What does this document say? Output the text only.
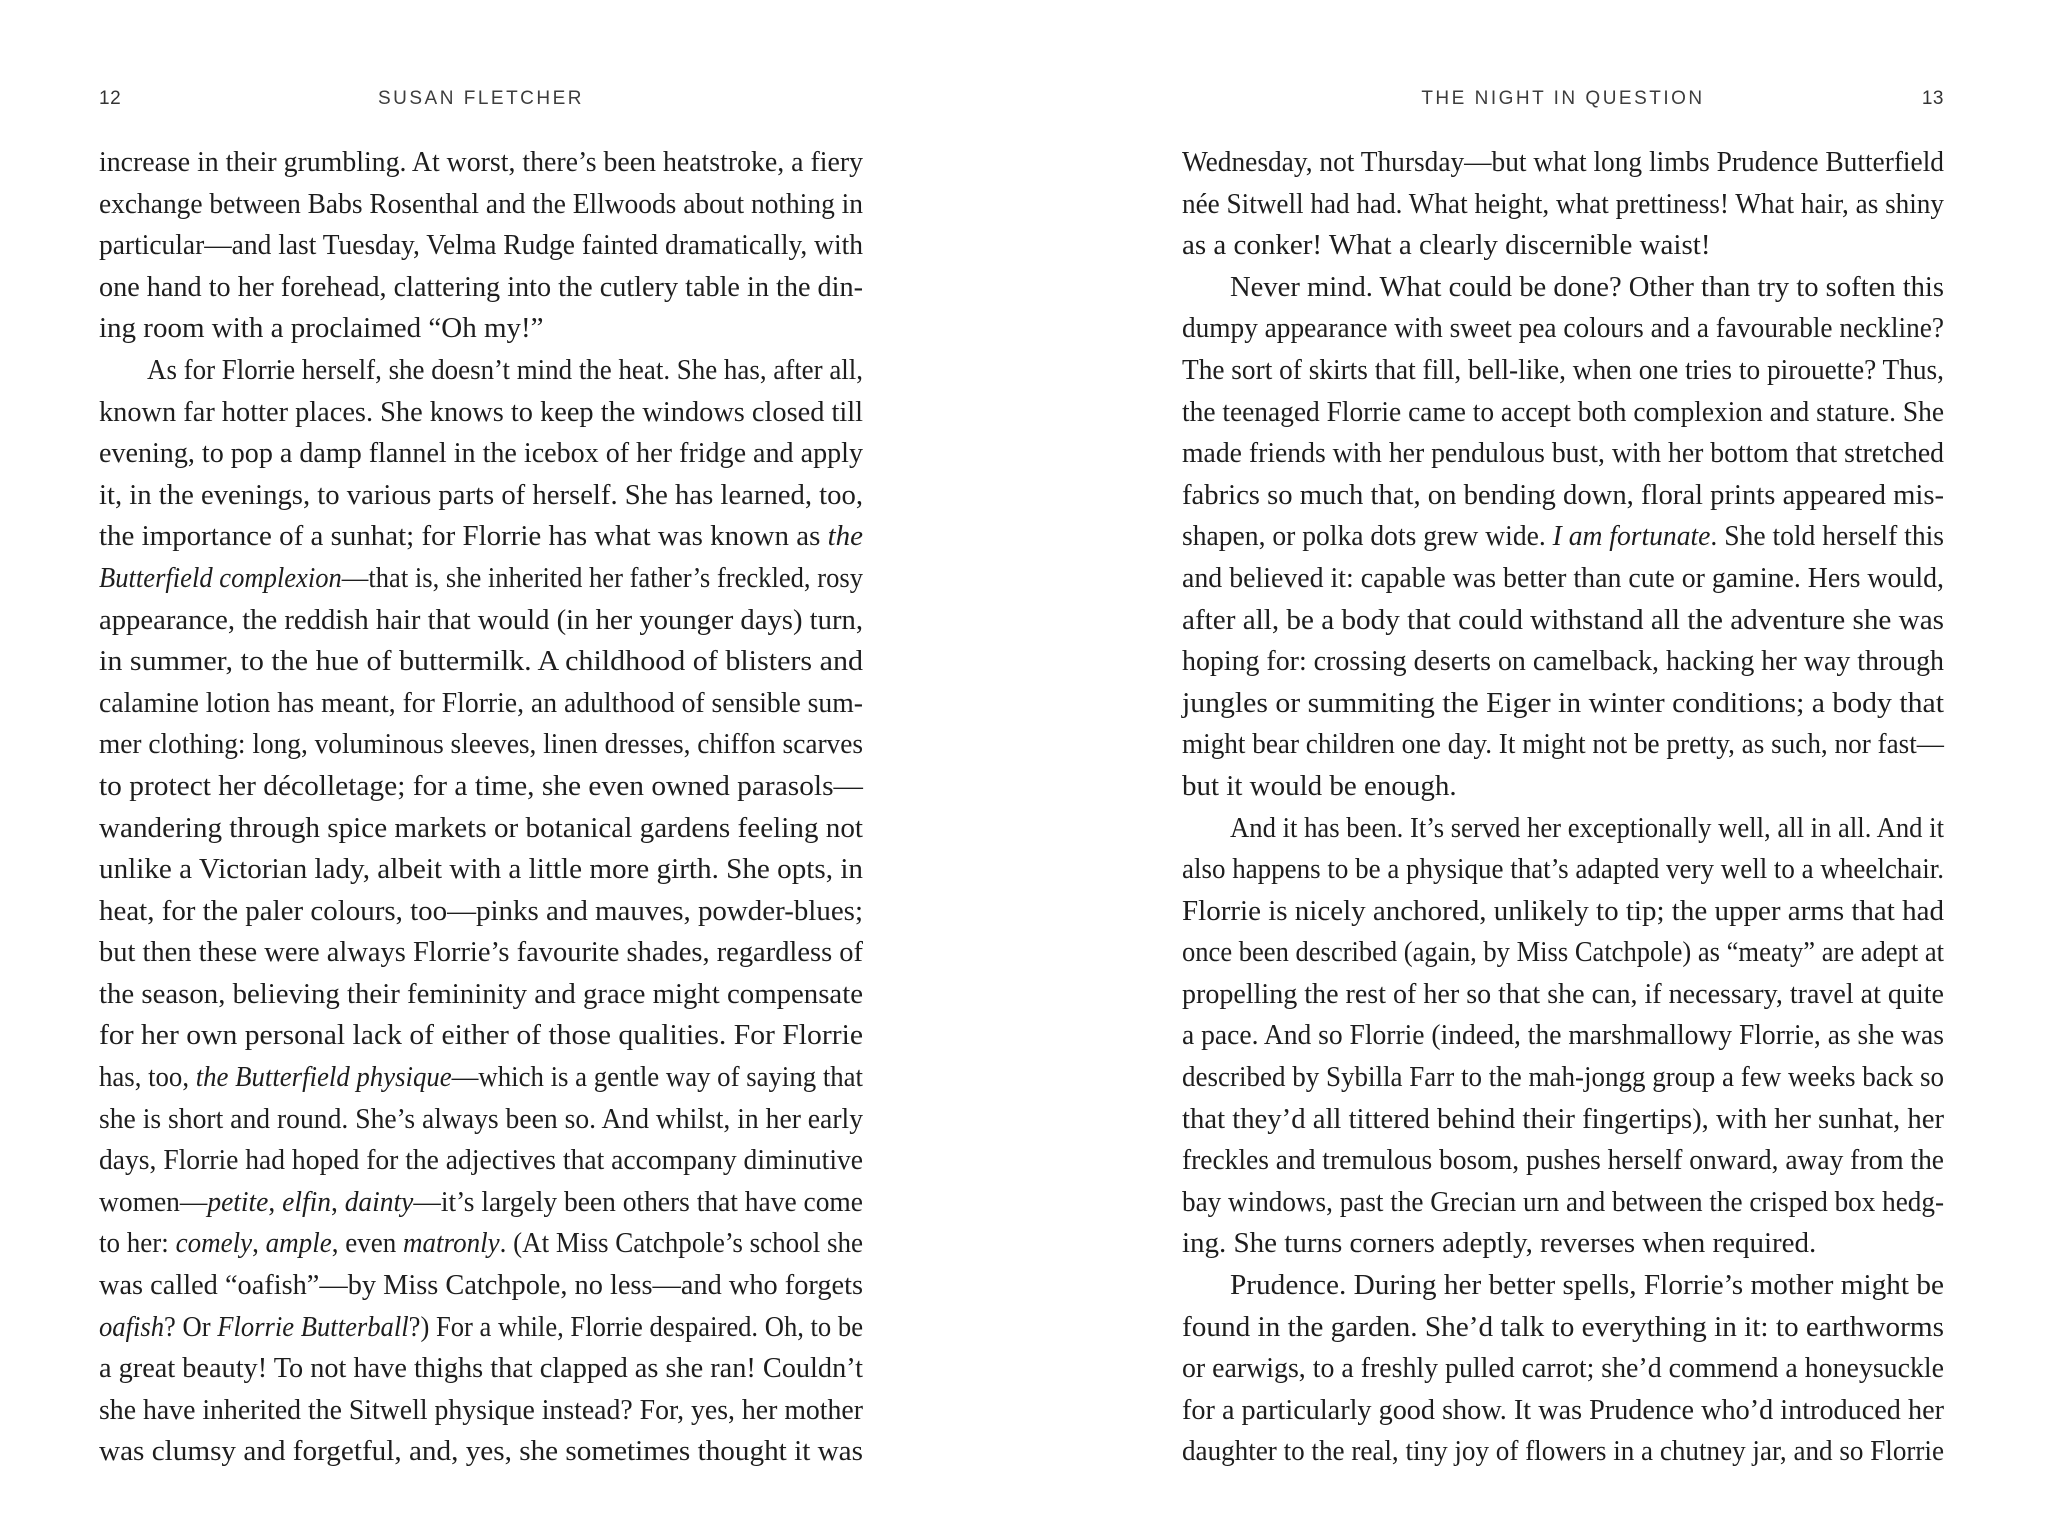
12	SUSAN FLETCHER
increase in their grumbling. At worst, there’s been heatstroke, a fiery
exchange between Babs Rosenthal and the Ellwoods about nothing in
particular—and last Tuesday, Velma Rudge fainted dramatically, with
one hand to her forehead, clattering into the cutlery table in the din-
ing room with a proclaimed “Oh my!”
As for Florrie herself, she doesn’t mind the heat. She has, after all,
known far hotter places. She knows to keep the windows closed till
evening, to pop a damp flannel in the icebox of her fridge and apply
it, in the evenings, to various parts of herself. She has learned, too,
the importance of a sunhat; for Florrie has what was known as the
Butterfield complexion—that is, she inherited her father’s freckled, rosy
appearance, the reddish hair that would (in her younger days) turn,
in summer, to the hue of buttermilk. A childhood of blisters and
calamine lotion has meant, for Florrie, an adulthood of sensible sum-
mer clothing: long, voluminous sleeves, linen dresses, chiffon scarves
to protect her décolletage; for a time, she even owned parasols—
wandering through spice markets or botanical gardens feeling not
unlike a Victorian lady, albeit with a little more girth. She opts, in
heat, for the paler colours, too—pinks and mauves, powder-blues;
but then these were always Florrie’s favourite shades, regardless of
the season, believing their femininity and grace might compensate
for her own personal lack of either of those qualities. For Florrie
has, too, the Butterfield physique—which is a gentle way of saying that
she is short and round. She’s always been so. And whilst, in her early
days, Florrie had hoped for the adjectives that accompany diminutive
women—petite, elfin, dainty—it’s largely been others that have come
to her: comely, ample, even matronly. (At Miss Catchpole’s school she
was called “oafish”—by Miss Catchpole, no less—and who forgets
oafish? Or Florrie Butterball?) For a while, Florrie despaired. Oh, to be
a great beauty! To not have thighs that clapped as she ran! Couldn’t
she have inherited the Sitwell physique instead? For, yes, her mother
was clumsy and forgetful, and, yes, she sometimes thought it was
THE NIGHT IN QUESTION	13
Wednesday, not Thursday—but what long limbs Prudence Butterfield
née Sitwell had had. What height, what prettiness! What hair, as shiny
as a conker! What a clearly discernible waist!
Never mind. What could be done? Other than try to soften this
dumpy appearance with sweet pea colours and a favourable neckline?
The sort of skirts that fill, bell-like, when one tries to pirouette? Thus,
the teenaged Florrie came to accept both complexion and stature. She
made friends with her pendulous bust, with her bottom that stretched
fabrics so much that, on bending down, floral prints appeared mis-
shapen, or polka dots grew wide. I am fortunate. She told herself this
and believed it: capable was better than cute or gamine. Hers would,
after all, be a body that could withstand all the adventure she was
hoping for: crossing deserts on camelback, hacking her way through
jungles or summiting the Eiger in winter conditions; a body that
might bear children one day. It might not be pretty, as such, nor fast—
but it would be enough.
And it has been. It’s served her exceptionally well, all in all. And it
also happens to be a physique that’s adapted very well to a wheelchair.
Florrie is nicely anchored, unlikely to tip; the upper arms that had
once been described (again, by Miss Catchpole) as “meaty” are adept at
propelling the rest of her so that she can, if necessary, travel at quite
a pace. And so Florrie (indeed, the marshmallowy Florrie, as she was
described by Sybilla Farr to the mah-jongg group a few weeks back so
that they’d all tittered behind their fingertips), with her sunhat, her
freckles and tremulous bosom, pushes herself onward, away from the
bay windows, past the Grecian urn and between the crisped box hedg-
ing. She turns corners adeptly, reverses when required.
Prudence. During her better spells, Florrie’s mother might be
found in the garden. She’d talk to everything in it: to earthworms
or earwigs, to a freshly pulled carrot; she’d commend a honeysuckle
for a particularly good show. It was Prudence who’d introduced her
daughter to the real, tiny joy of flowers in a chutney jar, and so Florrie
